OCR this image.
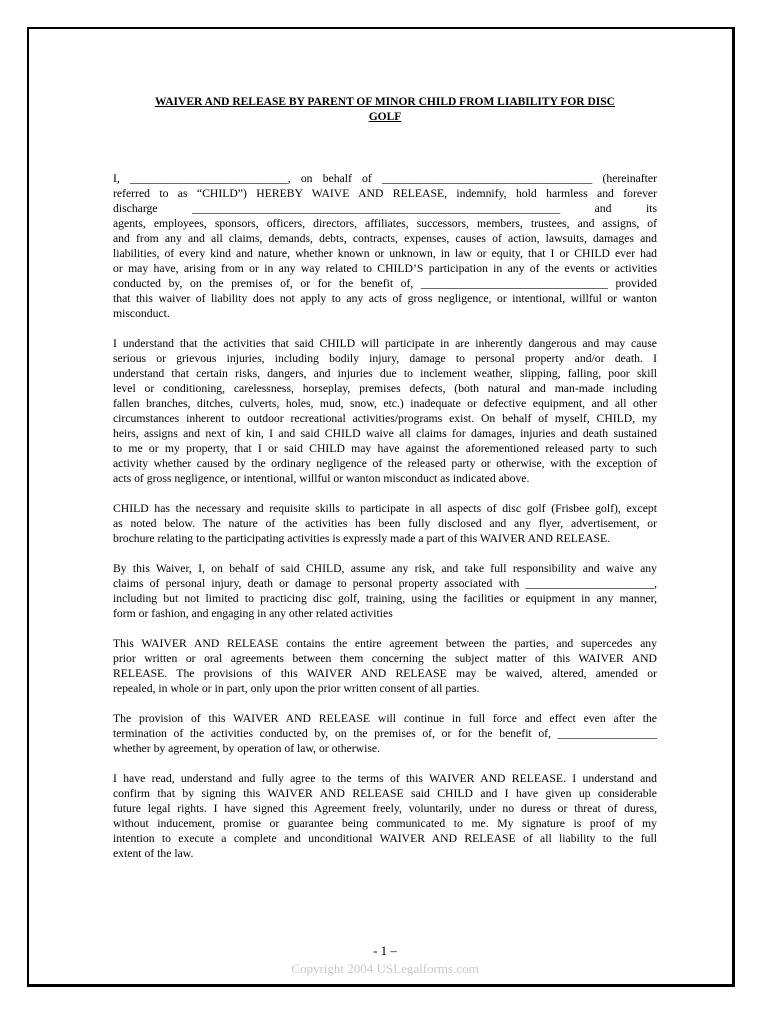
WAIVER AND RELEASE BY PARENT OF MINOR CHILD FROM LIABILITY FOR DISC
GOLF

I, ___________________________, on behalf of ____________________________________ (hereinafter
referred to as “CHILD”) HEREBY WAIVE AND RELEASE, indemnify, hold harmless and forever
discharge _______________________________________________________________ and its
agents, employees, sponsors, officers, directors, affiliates, successors, members, trustees, and assigns, of
and from any and all claims, demands, debts, contracts, expenses, causes of action, lawsuits, damages and
liabilities, of every kind and nature, whether known or unknown, in law or equity, that I or CHILD ever had
or may have, arising from or in any way related to CHILD’S participation in any of the events or activities
conducted by, on the premises of, or for the benefit of, ________________________________ provided
that this waiver of liability does not apply to any acts of gross negligence, or intentional, willful or wanton
misconduct.

I understand that the activities that said CHILD will participate in are inherently dangerous and may cause
serious or grievous injuries, including bodily injury, damage to personal property and/or death. I
understand that certain risks, dangers, and injuries due to inclement weather, slipping, falling, poor skill
level or conditioning, carelessness, horseplay, premises defects, (both natural and man-made including
fallen branches, ditches, culverts, holes, mud, snow, etc.) inadequate or defective equipment, and all other
circumstances inherent to outdoor recreational activities/programs exist. On behalf of myself, CHILD, my
heirs, assigns and next of kin, I and said CHILD waive all claims for damages, injuries and death sustained
to me or my property, that I or said CHILD may have against the aforementioned released party to such
activity whether caused by the ordinary negligence of the released party or otherwise, with the exception of
acts of gross negligence, or intentional, willful or wanton misconduct as indicated above.

CHILD has the necessary and requisite skills to participate in all aspects of disc golf (Frisbee golf), except
as noted below. The nature of the activities has been fully disclosed and any flyer, advertisement, or
brochure relating to the participating activities is expressly made a part of this WAIVER AND RELEASE.

By this Waiver, I, on behalf of said CHILD, assume any risk, and take full responsibility and waive any
claims of personal injury, death or damage to personal property associated with ______________________,
including but not limited to practicing disc golf, training, using the facilities or equipment in any manner,
form or fashion, and engaging in any other related activities

This WAIVER AND RELEASE contains the entire agreement between the parties, and supercedes any
prior written or oral agreements between them concerning the subject matter of this WAIVER AND
RELEASE. The provisions of this WAIVER AND RELEASE may be waived, altered, amended or
repealed, in whole or in part, only upon the prior written consent of all parties.

The provision of this WAIVER AND RELEASE will continue in full force and effect even after the
termination of the activities conducted by, on the premises of, or for the benefit of, _________________
whether by agreement, by operation of law, or otherwise.

I have read, understand and fully agree to the terms of this WAIVER AND RELEASE. I understand and
confirm that by signing this WAIVER AND RELEASE said CHILD and I have given up considerable
future legal rights. I have signed this Agreement freely, voluntarily, under no duress or threat of duress,
without inducement, promise or guarantee being communicated to me. My signature is proof of my
intention to execute a complete and unconditional WAIVER AND RELEASE of all liability to the full
extent of the law.

- 1 –
Copyright 2004 USLegalforms.com
